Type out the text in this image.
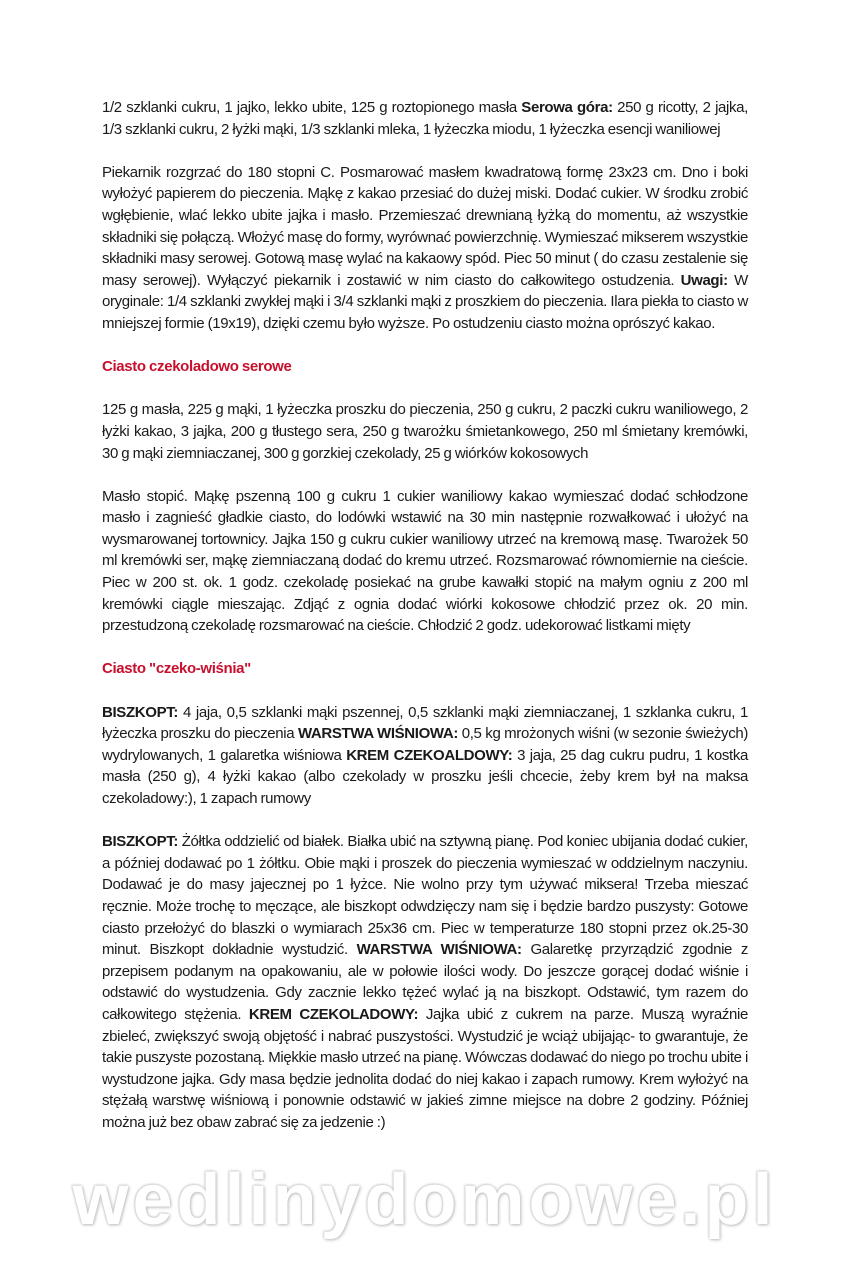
1/2 szklanki cukru, 1 jajko, lekko ubite, 125 g roztopionego masła Serowa góra: 250 g ricotty, 2 jajka, 1/3 szklanki cukru, 2 łyżki mąki, 1/3 szklanki mleka, 1 łyżeczka miodu, 1 łyżeczka esencji waniliowej
Piekarnik rozgrzać do 180 stopni C. Posmarować masłem kwadratową formę 23x23 cm. Dno i boki wyłożyć papierem do pieczenia. Mąkę z kakao przesiać do dużej miski. Dodać cukier. W środku zrobić wgłębienie, wlać lekko ubite jajka i masło. Przemieszać drewnianą łyżką do momentu, aż wszystkie składniki się połączą. Włożyć masę do formy, wyrównać powierzchnię. Wymieszać mikserem wszystkie składniki masy serowej. Gotową masę wylać na kakaowy spód. Piec 50 minut ( do czasu zestalenie się masy serowej). Wyłączyć piekarnik i zostawić w nim ciasto do całkowitego ostudzenia. Uwagi: W oryginale: 1/4 szklanki zwykłej mąki i 3/4 szklanki mąki z proszkiem do pieczenia. Ilara piekła to ciasto w mniejszej formie (19x19), dzięki czemu było wyższe. Po ostudzeniu ciasto można oprószyć kakao.
Ciasto czekoladowo serowe
125 g masła, 225 g mąki, 1 łyżeczka proszku do pieczenia, 250 g cukru, 2 paczki cukru waniliowego, 2 łyżki kakao, 3 jajka, 200 g tłustego sera, 250 g twarożku śmietankowego, 250 ml śmietany kremówki, 30 g mąki ziemniaczanej, 300 g gorzkiej czekolady, 25 g wiórków kokosowych
Masło stopić. Mąkę pszenną 100 g cukru 1 cukier waniliowy kakao wymieszać dodać schłodzone masło i zagnieść gładkie ciasto, do lodówki wstawić na 30 min następnie rozwałkować i ułożyć na wysmarowanej tortownicy. Jajka 150 g cukru cukier waniliowy utrzeć na kremową masę. Twarożek 50 ml kremówki ser, mąkę ziemniaczaną dodać do kremu utrzeć. Rozsmarować równomiernie na cieście. Piec w 200 st. ok. 1 godz. czekoladę posiekać na grube kawałki stopić na małym ogniu z 200 ml kremówki ciągle mieszając. Zdjąć z ognia dodać wiórki kokosowe chłodzić przez ok. 20 min. przestudzoną czekoladę rozsmarować na cieście. Chłodzić 2 godz. udekorować listkami mięty
Ciasto "czeko-wiśnia"
BISZKOPT: 4 jaja, 0,5 szklanki mąki pszennej, 0,5 szklanki mąki ziemniaczanej, 1 szklanka cukru, 1 łyżeczka proszku do pieczenia WARSTWA WIŚNIOWA: 0,5 kg mrożonych wiśni (w sezonie świeżych) wydrylowanych, 1 galaretka wiśniowa KREM CZEKOALDOWY: 3 jaja, 25 dag cukru pudru, 1 kostka masła (250 g), 4 łyżki kakao (albo czekolady w proszku jeśli chcecie, żeby krem był na maksa czekoladowy:), 1 zapach rumowy
BISZKOPT: Żółtka oddzielić od białek. Białka ubić na sztywną pianę. Pod koniec ubijania dodać cukier, a później dodawać po 1 żółtku. Obie mąki i proszek do pieczenia wymieszać w oddzielnym naczyniu. Dodawać je do masy jajecznej po 1 łyżce. Nie wolno przy tym używać miksera! Trzeba mieszać ręcznie. Może trochę to męczące, ale biszkopt odwdzięczy nam się i będzie bardzo puszysty: Gotowe ciasto przełożyć do blaszki o wymiarach 25x36 cm. Piec w temperaturze 180 stopni przez ok.25-30 minut. Biszkopt dokładnie wystudzić. WARSTWA WIŚNIOWA: Galaretkę przyrządzić zgodnie z przepisem podanym na opakowaniu, ale w połowie ilości wody. Do jeszcze gorącej dodać wiśnie i odstawić do wystudzenia. Gdy zacznie lekko tężeć wylać ją na biszkopt. Odstawić, tym razem do całkowitego stężenia. KREM CZEKOLADOWY: Jajka ubić z cukrem na parze. Muszą wyraźnie zbieleć, zwiększyć swoją objętość i nabrać puszystości. Wystudzić je wciąż ubijając- to gwarantuje, że takie puszyste pozostaną. Miękkie masło utrzeć na pianę. Wówczas dodawać do niego po trochu ubite i wystudzone jajka. Gdy masa będzie jednolita dodać do niej kakao i zapach rumowy. Krem wyłożyć na stężałą warstwę wiśniową i ponownie odstawić w jakieś zimne miejsce na dobre 2 godziny. Później można już bez obaw zabrać się za jedzenie :)
wedlinydomowe.pl
